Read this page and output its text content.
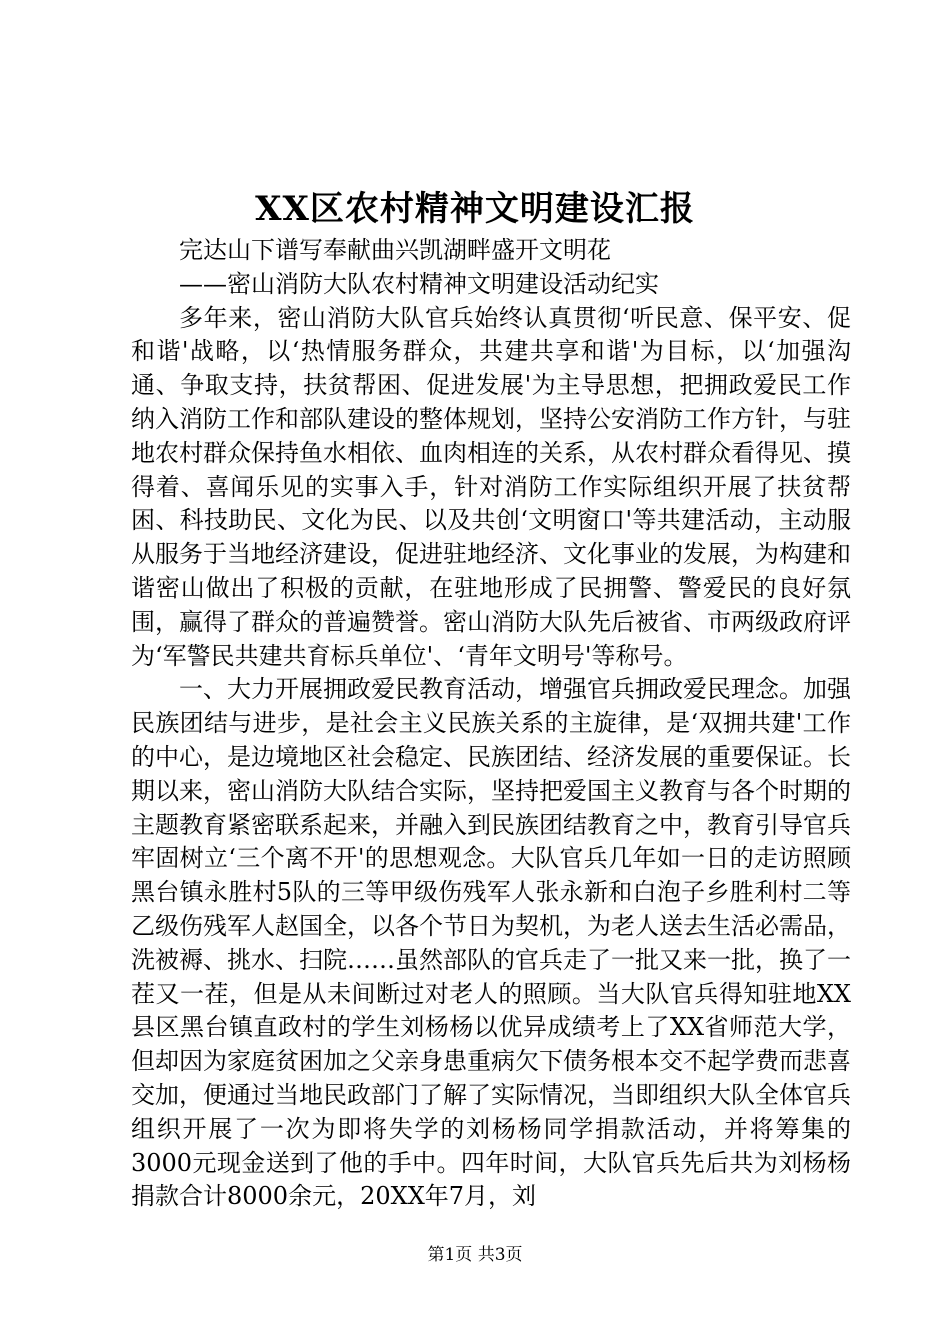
XX区农村精神文明建设汇报

完达山下谱写奉献曲兴凯湖畔盛开文明花

——密山消防大队农村精神文明建设活动纪实

多年来，密山消防大队官兵始终认真贯彻‘听民意、保平安、促和谐'战略，以‘热情服务群众，共建共享和谐'为目标，以‘加强沟通、争取支持，扶贫帮困、促进发展'为主导思想，把拥政爱民工作纳入消防工作和部队建设的整体规划，坚持公安消防工作方针，与驻地农村群众保持鱼水相依、血肉相连的关系，从农村群众看得见、摸得着、喜闻乐见的实事入手，针对消防工作实际组织开展了扶贫帮困、科技助民、文化为民、以及共创‘文明窗口'等共建活动，主动服从服务于当地经济建设，促进驻地经济、文化事业的发展，为构建和谐密山做出了积极的贡献，在驻地形成了民拥警、警爱民的良好氛围，赢得了群众的普遍赞誉。密山消防大队先后被省、市两级政府评为‘军警民共建共育标兵单位'、‘青年文明号'等称号。

一、大力开展拥政爱民教育活动，增强官兵拥政爱民理念。加强民族团结与进步，是社会主义民族关系的主旋律，是‘双拥共建'工作的中心，是边境地区社会稳定、民族团结、经济发展的重要保证。长期以来，密山消防大队结合实际，坚持把爱国主义教育与各个时期的主题教育紧密联系起来，并融入到民族团结教育之中，教育引导官兵牢固树立‘三个离不开'的思想观念。大队官兵几年如一日的走访照顾黑台镇永胜村5队的三等甲级伤残军人张永新和白泡子乡胜利村二等乙级伤残军人赵国全，以各个节日为契机，为老人送去生活必需品，洗被褥、挑水、扫院……虽然部队的官兵走了一批又来一批，换了一茬又一茬，但是从未间断过对老人的照顾。当大队官兵得知驻地XX县区黑台镇直政村的学生刘杨杨以优异成绩考上了XX省师范大学，但却因为家庭贫困加之父亲身患重病欠下债务根本交不起学费而悲喜交加，便通过当地民政部门了解了实际情况，当即组织大队全体官兵组织开展了一次为即将失学的刘杨杨同学捐款活动，并将筹集的3000元现金送到了他的手中。四年时间，大队官兵先后共为刘杨杨捐款合计8000余元，20XX年7月，刘

第1页 共3页
